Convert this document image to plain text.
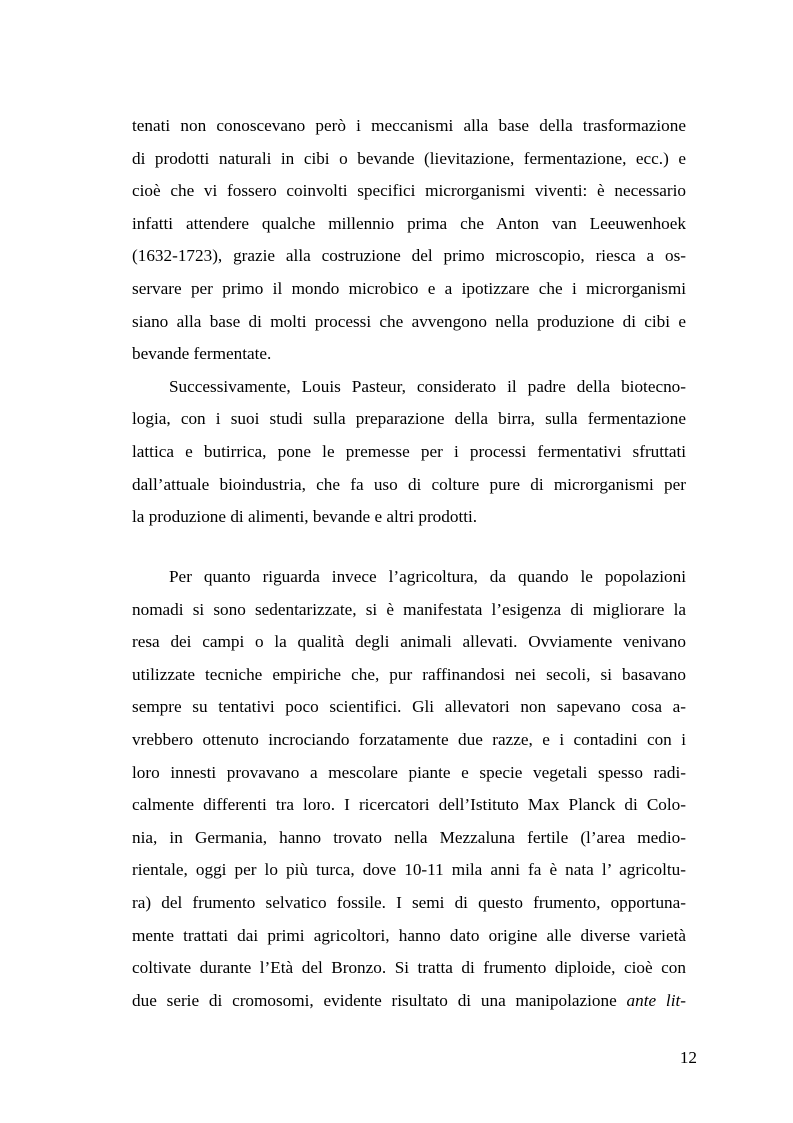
tenati non conoscevano però i meccanismi alla base della trasformazione
di prodotti naturali in cibi o bevande (lievitazione, fermentazione, ecc.) e
cioè che vi fossero coinvolti specifici microrganismi viventi: è necessario
infatti attendere qualche millennio prima che Anton van Leeuwenhoek
(1632-1723), grazie alla costruzione del primo microscopio, riesca a os-
servare per primo il mondo microbico e a ipotizzare che i microrganismi
siano alla base di molti processi che avvengono nella produzione di cibi e
bevande fermentate.
Successivamente, Louis Pasteur, considerato il padre della biotecno-
logia, con i suoi studi sulla preparazione della birra, sulla fermentazione
lattica e butirrica, pone le premesse per i processi fermentativi sfruttati
dall’attuale bioindustria, che fa uso di colture pure di microrganismi per
la produzione di alimenti, bevande e altri prodotti.
Per quanto riguarda invece l’agricoltura, da quando le popolazioni
nomadi si sono sedentarizzate, si è manifestata l’esigenza di migliorare la
resa dei campi o la qualità degli animali allevati. Ovviamente venivano
utilizzate tecniche empiriche che, pur raffinandosi nei secoli, si basavano
sempre su tentativi poco scientifici. Gli allevatori non sapevano cosa a-
vrebbero ottenuto incrociando forzatamente due razze, e i contadini con i
loro innesti provavano a mescolare piante e specie vegetali spesso radi-
calmente differenti tra loro. I ricercatori dell’Istituto Max Planck di Colo-
nia, in Germania, hanno trovato nella Mezzaluna fertile (l’area medio-
rientale, oggi per lo più turca, dove 10-11 mila anni fa è nata l’ agricoltu-
ra) del frumento selvatico fossile. I semi di questo frumento, opportuna-
mente trattati dai primi agricoltori, hanno dato origine alle diverse varietà
coltivate durante l’Età del Bronzo. Si tratta di frumento diploide, cioè con
due serie di cromosomi, evidente risultato di una manipolazione ante lit-
12
